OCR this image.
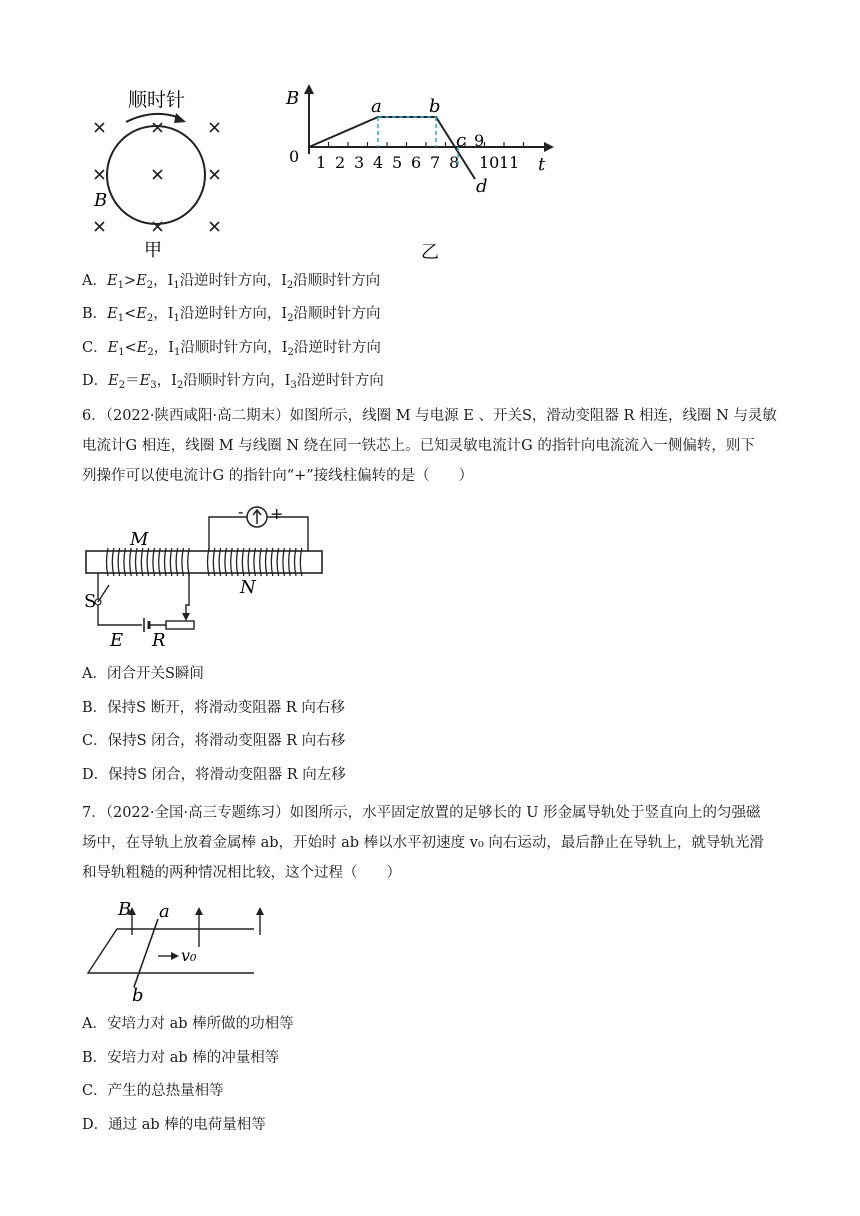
顺时针
B
甲
B
t
0 1 2 3 4 5 6 7 8
9
10 11
a	b
c
d
乙
A．$E_1>E_2$，$I_1$沿逆时针方向，$I_2$沿顺时针方向
B．$E_1<E_2$，$I_1$沿逆时针方向，$I_2$沿顺时针方向
C．$E_1<E_2$，$I_1$沿顺时针方向，$I_2$沿逆时针方向
D．$E_2=E_3$，$I_2$沿顺时针方向，$I_3$沿逆时针方向
6．（2022·陕西咸阳·高二期末）如图所示，线圈 M 与电源 E 、开关S，滑动变阻器 R 相连，线圈 N 与灵敏
电流计G 相连，线圈 M 与线圈 N 绕在同一铁芯上。已知灵敏电流计G 的指针向电流流入一侧偏转，则下
列操作可以使电流计G 的指针向“+”接线柱偏转的是（　　）
M
N
- +
S
E R
A．闭合开关S瞬间
B．保持S 断开，将滑动变阻器 R 向右移
C．保持S 闭合，将滑动变阻器 R 向右移
D．保持S 闭合，将滑动变阻器 R 向左移
7．（2022·全国·高三专题练习）如图所示，水平固定放置的足够长的 U 形金属导轨处于竖直向上的匀强磁
场中，在导轨上放着金属棒 ab，开始时 ab 棒以水平初速度 v₀ 向右运动，最后静止在导轨上，就导轨光滑
和导轨粗糙的两种情况相比较，这个过程（　　）
B a
b
v₀
A．安培力对 ab 棒所做的功相等
B．安培力对 ab 棒的冲量相等
C．产生的总热量相等
D．通过 ab 棒的电荷量相等
